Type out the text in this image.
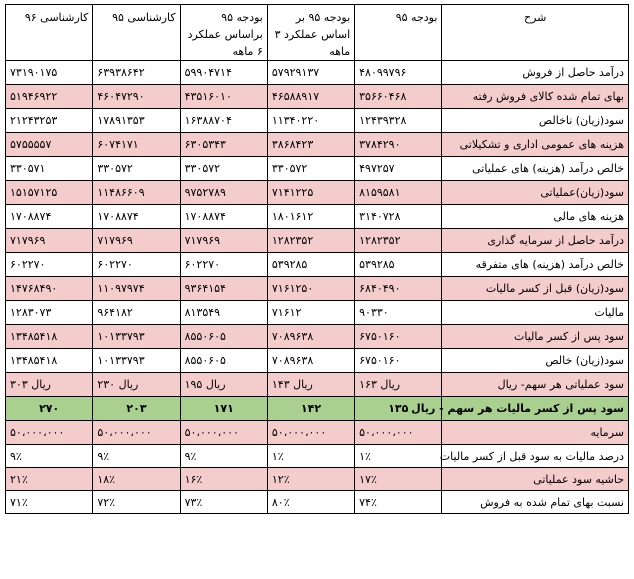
شرح	بودجه ۹۵	بودجه ۹۵ بر اساس عملکرد ۳ ماهه	بودجه ۹۵ براساس عملکرد ۶ ماهه	کارشناسی ۹۵	کارشناسی ۹۶
درآمد حاصل از فروش	۴۸۰۹۹۷۹۶	۵۷۹۲۹۱۳۷	۵۹۹۰۴۷۱۴	۶۳۹۳۸۶۴۲	۷۳۱۹۰۱۷۵
بهای تمام شده کالای فروش رفته	۳۵۶۶۰۴۶۸	۴۶۵۸۸۹۱۷	۴۳۵۱۶۰۱۰	۴۶۰۴۷۲۹۰	۵۱۹۴۶۹۲۲
سود(زیان) ناخالص	۱۲۴۳۹۳۲۸	۱۱۳۴۰۲۲۰	۱۶۳۸۸۷۰۴	۱۷۸۹۱۳۵۳	۲۱۲۴۳۲۵۳
هزینه های عمومی اداری و تشکیلاتی	۳۷۸۴۲۹۰	۳۸۶۸۴۲۳	۶۳۰۵۳۴۳	۶۰۷۴۱۷۱	۵۷۵۵۵۵۷
خالص درآمد (هزینه) های عملیاتی	۴۹۷۲۵۷	۳۳۰۵۷۲	۳۳۰۵۷۲	۳۳۰۵۷۲	۳۳۰۵۷۱
سود(زیان)عملیاتی	۸۱۵۹۵۸۱	۷۱۴۱۲۲۵	۹۷۵۲۷۸۹	۱۱۴۸۶۶۰۹	۱۵۱۵۷۱۲۵
هزینه های مالی	۳۱۴۰۷۲۸	۱۸۰۱۶۱۲	۱۷۰۸۸۷۴	۱۷۰۸۸۷۴	۱۷۰۸۸۷۴
درآمد حاصل از سرمایه گذاری	۱۲۸۲۳۵۲	۱۲۸۲۳۵۲	۷۱۷۹۶۹	۷۱۷۹۶۹	۷۱۷۹۶۹
خالص درآمد (هزینه) های متفرقه	۵۳۹۲۸۵	۵۳۹۲۸۵	۶۰۲۲۷۰	۶۰۲۲۷۰	۶۰۲۲۷۰
سود(زیان) قبل از کسر مالیات	۶۸۴۰۴۹۰	۷۱۶۱۲۵۰	۹۳۶۴۱۵۴	۱۱۰۹۷۹۷۴	۱۴۷۶۸۴۹۰
مالیات	۹۰۳۳۰	۷۱۶۱۲	۸۱۳۵۴۹	۹۶۴۱۸۲	۱۲۸۳۰۷۳
سود پس از کسر مالیات	۶۷۵۰۱۶۰	۷۰۸۹۶۳۸	۸۵۵۰۶۰۵	۱۰۱۳۳۷۹۳	۱۳۴۸۵۴۱۸
سود(زیان) خالص	۶۷۵۰۱۶۰	۷۰۸۹۶۳۸	۸۵۵۰۶۰۵	۱۰۱۳۳۷۹۳	۱۳۴۸۵۴۱۸
سود عملیاتی هر سهم- ریال	ریال ۱۶۳	ریال ۱۴۳	ریال ۱۹۵	ریال ۲۳۰	ریال ۳۰۳
سود پس از کسر مالیات هر سهم - ریال	۱۳۵	۱۴۲	۱۷۱	۲۰۳	۲۷۰
سرمایه	۵۰،۰۰۰،۰۰۰	۵۰،۰۰۰،۰۰۰	۵۰،۰۰۰،۰۰۰	۵۰،۰۰۰،۰۰۰	۵۰،۰۰۰،۰۰۰
درصد مالیات به سود قبل از کسر مالیات	۱٪	۱٪	۹٪	۹٪	۹٪
حاشیه سود عملیاتی	۱۷٪	۱۲٪	۱۶٪	۱۸٪	۲۱٪
نسبت بهای تمام شده به فروش	۷۴٪	۸۰٪	۷۳٪	۷۲٪	۷۱٪
